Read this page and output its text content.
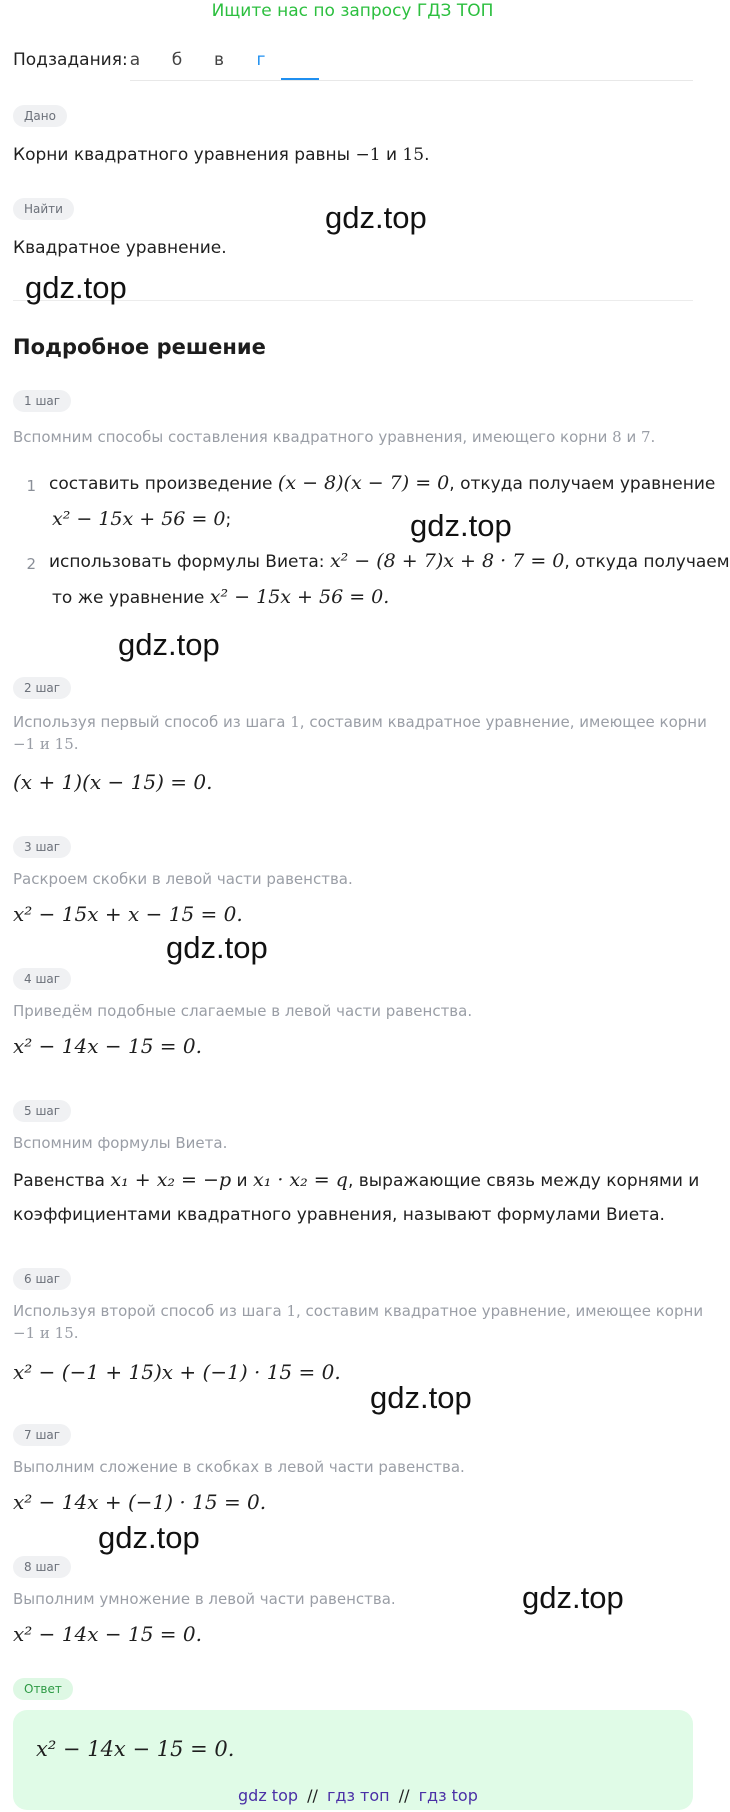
Ищите нас по запросу ГДЗ ТОП
Подзадания: а	б	в	г
Дано
Корни квадратного уравнения равны −1 и 15.
Найти
Квадратное уравнение.
Подробное решение
1 шаг
Вспомним способы составления квадратного уравнения, имеющего корни 8 и 7.
1 составить произведение (x − 8)(x − 7) = 0, откуда получаем уравнение
x² − 15x + 56 = 0;
2 использовать формулы Виета: x² − (8 + 7)x + 8 · 7 = 0, откуда получаем
то же уравнение x² − 15x + 56 = 0.
2 шаг
Используя первый способ из шага 1, составим квадратное уравнение, имеющее корни
−1 и 15.
(x + 1)(x − 15) = 0.
3 шаг
Раскроем скобки в левой части равенства.
x² − 15x + x − 15 = 0.
4 шаг
Приведём подобные слагаемые в левой части равенства.
x² − 14x − 15 = 0.
5 шаг
Вспомним формулы Виета.
Равенства x₁ + x₂ = −p и x₁ · x₂ = q, выражающие связь между корнями и
коэффициентами квадратного уравнения, называют формулами Виета.
6 шаг
Используя второй способ из шага 1, составим квадратное уравнение, имеющее корни
−1 и 15.
x² − (−1 + 15)x + (−1) · 15 = 0.
7 шаг
Выполним сложение в скобках в левой части равенства.
x² − 14x + (−1) · 15 = 0.
8 шаг
Выполним умножение в левой части равенства.
x² − 14x − 15 = 0.
Ответ
x² − 14x − 15 = 0.
gdz.top
gdz.top
gdz.top
gdz.top
gdz.top
gdz.top
gdz.top
gdz.top
gdz top // гдз топ // гдз top
